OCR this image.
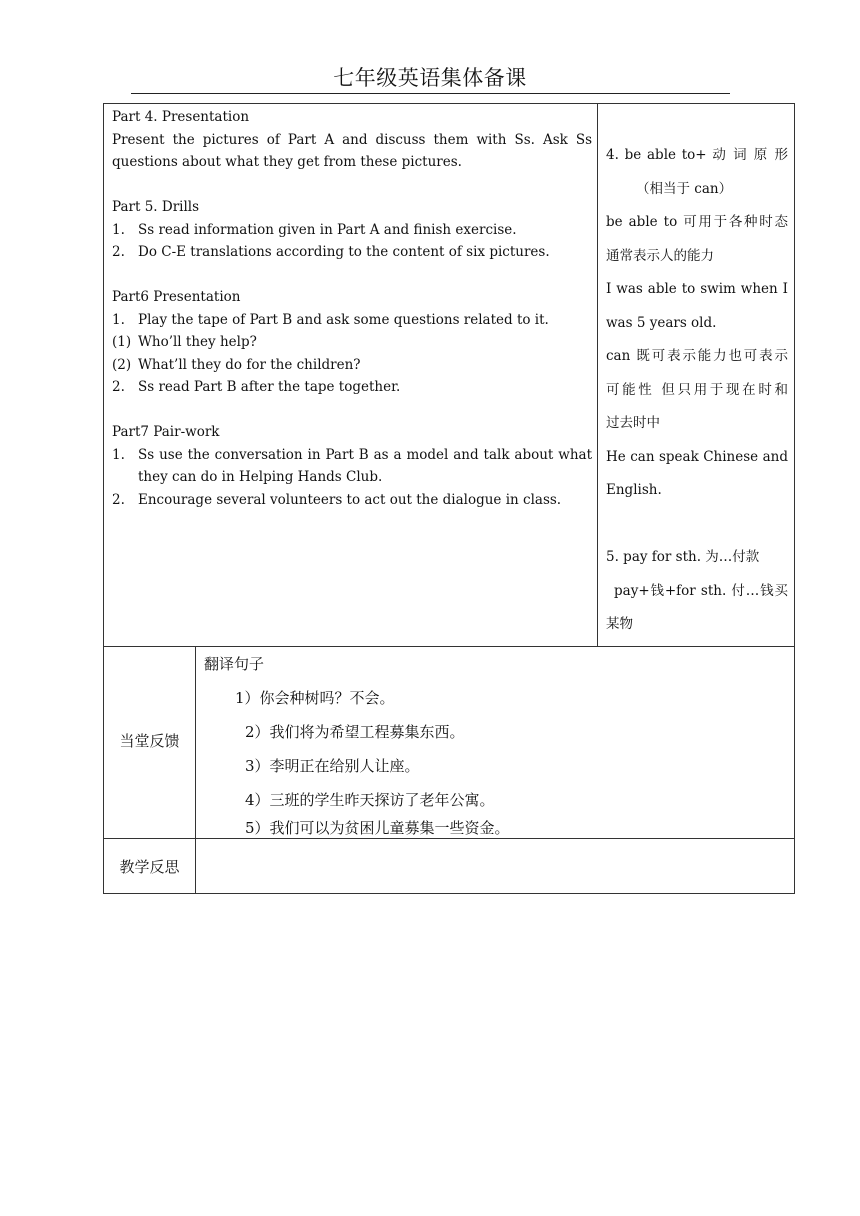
七年级英语集体备课
Part 4. Presentation
Present the pictures of Part A and discuss them with Ss. Ask Ss questions about what they get from these pictures.
Part 5. Drills
1. Ss read information given in Part A and finish exercise.
2. Do C-E translations according to the content of six pictures.
Part6 Presentation
1. Play the tape of Part B and ask some questions related to it.
(1) Who’ll they help?
(2) What’ll they do for the children?
2. Ss read Part B after the tape together.
Part7 Pair-work
1. Ss use the conversation in Part B as a model and talk about what they can do in Helping Hands Club.
2. Encourage several volunteers to act out the dialogue in class.
4. be able to+ 动 词 原 形
（相当于 can）
be able to 可用于各种时态
通常表示人的能力
I was able to swim when I
was 5 years old.
can 既可表示能力也可表示
可能性 但只用于现在时和
过去时中
He can speak Chinese and
English.
5. pay for sth. 为…付款
pay+钱+for sth. 付…钱买
某物
当堂反馈
翻译句子
1）你会种树吗？不会。
2）我们将为希望工程募集东西。
3）李明正在给别人让座。
4）三班的学生昨天探访了老年公寓。
5）我们可以为贫困儿童募集一些资金。
教学反思
